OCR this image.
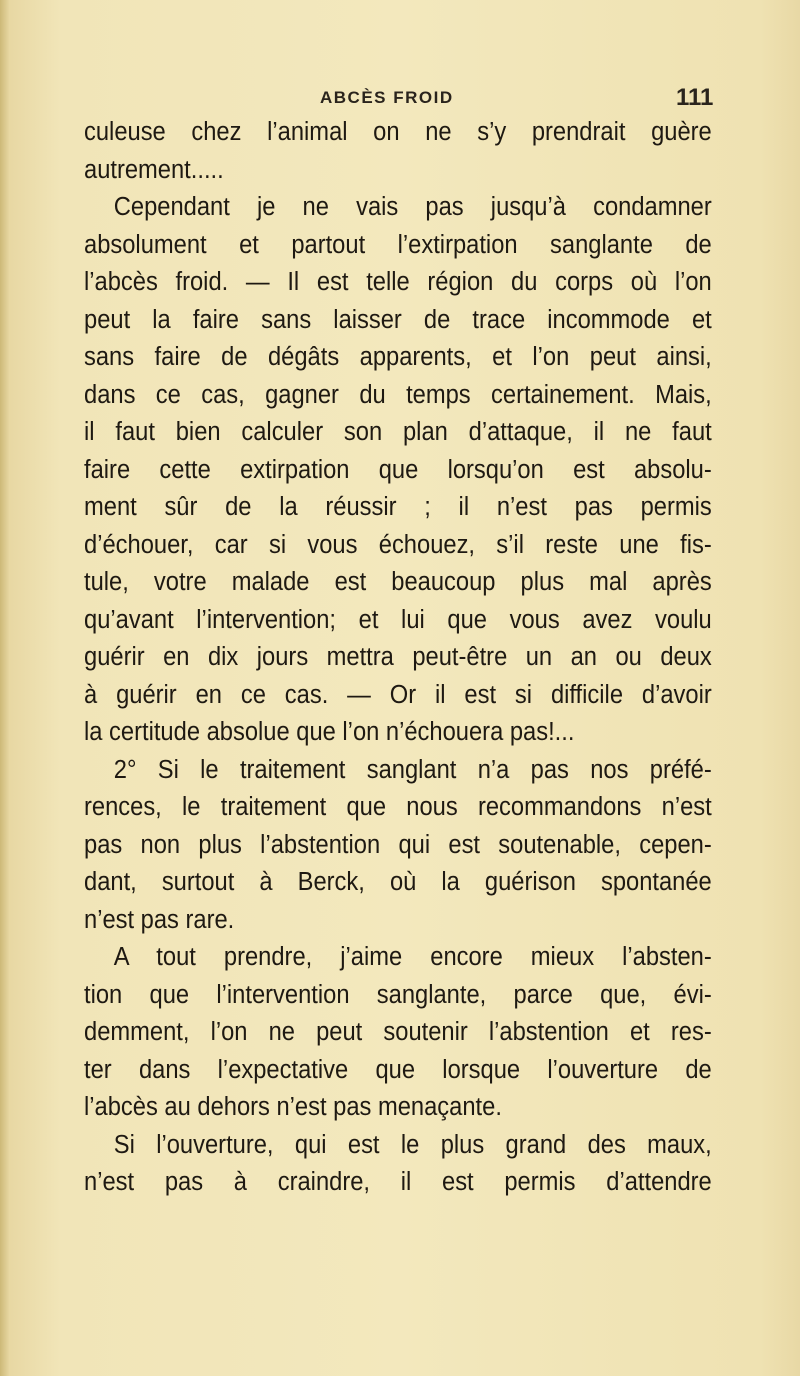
ABCÈS FROID	111
culeuse chez l’animal on ne s’y prendrait guère
autrement.....
Cependant je ne vais pas jusqu’à condamner
absolument et partout l’extirpation sanglante de
l’abcès froid. — Il est telle région du corps où l’on
peut la faire sans laisser de trace incommode et
sans faire de dégâts apparents, et l’on peut ainsi,
dans ce cas, gagner du temps certainement. Mais,
il faut bien calculer son plan d’attaque, il ne faut
faire cette extirpation que lorsqu’on est absolu-
ment sûr de la réussir ; il n’est pas permis
d’échouer, car si vous échouez, s’il reste une fis-
tule, votre malade est beaucoup plus mal après
qu’avant l’intervention; et lui que vous avez voulu
guérir en dix jours mettra peut-être un an ou deux
à guérir en ce cas. — Or il est si difficile d’avoir
la certitude absolue que l’on n’échouera pas!...
2° Si le traitement sanglant n’a pas nos préfé-
rences, le traitement que nous recommandons n’est
pas non plus l’abstention qui est soutenable, cepen-
dant, surtout à Berck, où la guérison spontanée
n’est pas rare.
A tout prendre, j’aime encore mieux l’absten-
tion que l’intervention sanglante, parce que, évi-
demment, l’on ne peut soutenir l’abstention et res-
ter dans l’expectative que lorsque l’ouverture de
l’abcès au dehors n’est pas menaçante.
Si l’ouverture, qui est le plus grand des maux,
n’est pas à craindre, il est permis d’attendre
